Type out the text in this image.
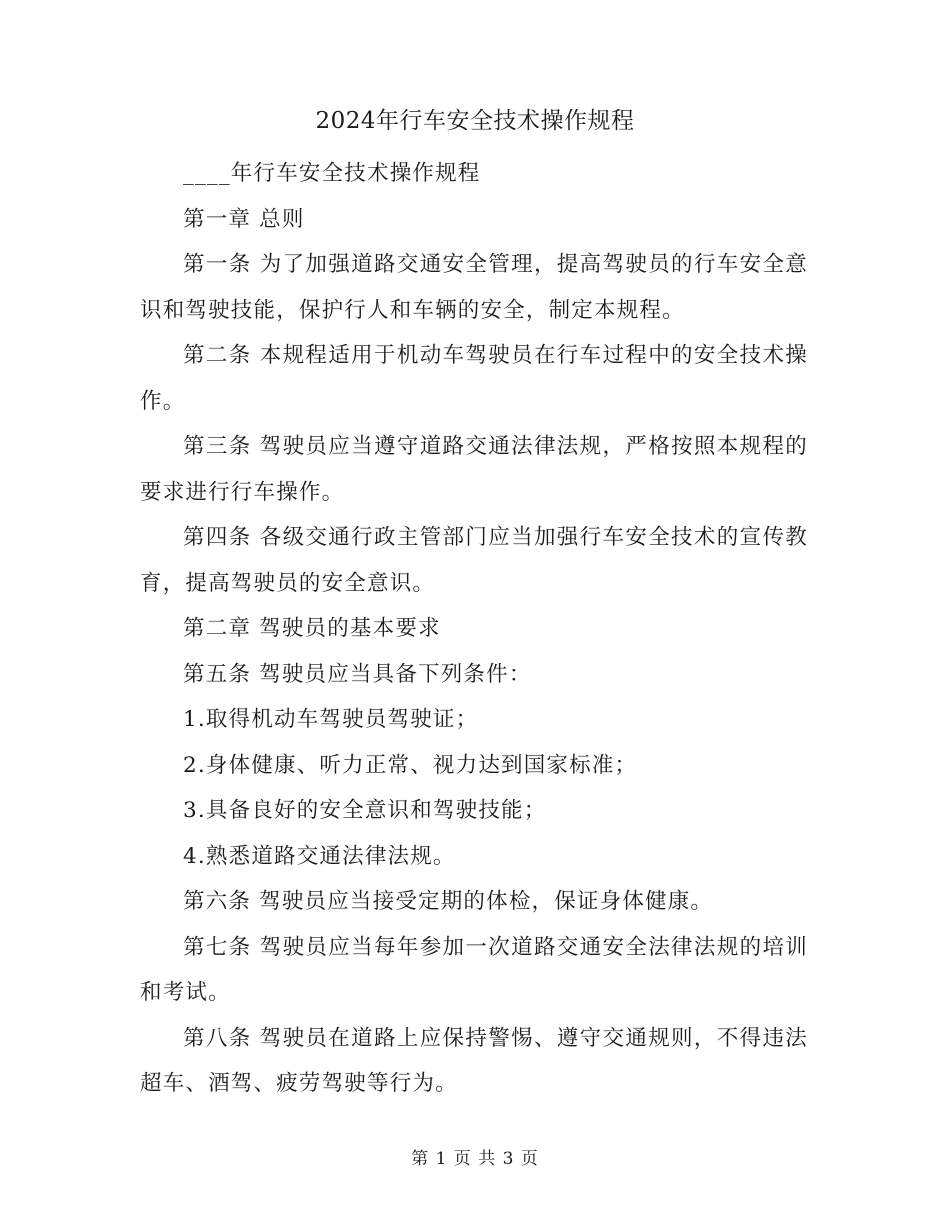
2024年行车安全技术操作规程

____年行车安全技术操作规程

第一章 总则

第一条 为了加强道路交通安全管理，提高驾驶员的行车安全意识和驾驶技能，保护行人和车辆的安全，制定本规程。

第二条 本规程适用于机动车驾驶员在行车过程中的安全技术操作。

第三条 驾驶员应当遵守道路交通法律法规，严格按照本规程的要求进行行车操作。

第四条 各级交通行政主管部门应当加强行车安全技术的宣传教育，提高驾驶员的安全意识。

第二章 驾驶员的基本要求

第五条 驾驶员应当具备下列条件：

1.取得机动车驾驶员驾驶证；

2.身体健康、听力正常、视力达到国家标准；

3.具备良好的安全意识和驾驶技能；

4.熟悉道路交通法律法规。

第六条 驾驶员应当接受定期的体检，保证身体健康。

第七条 驾驶员应当每年参加一次道路交通安全法律法规的培训和考试。

第八条 驾驶员在道路上应保持警惕、遵守交通规则，不得违法超车、酒驾、疲劳驾驶等行为。

第 1 页 共 3 页
